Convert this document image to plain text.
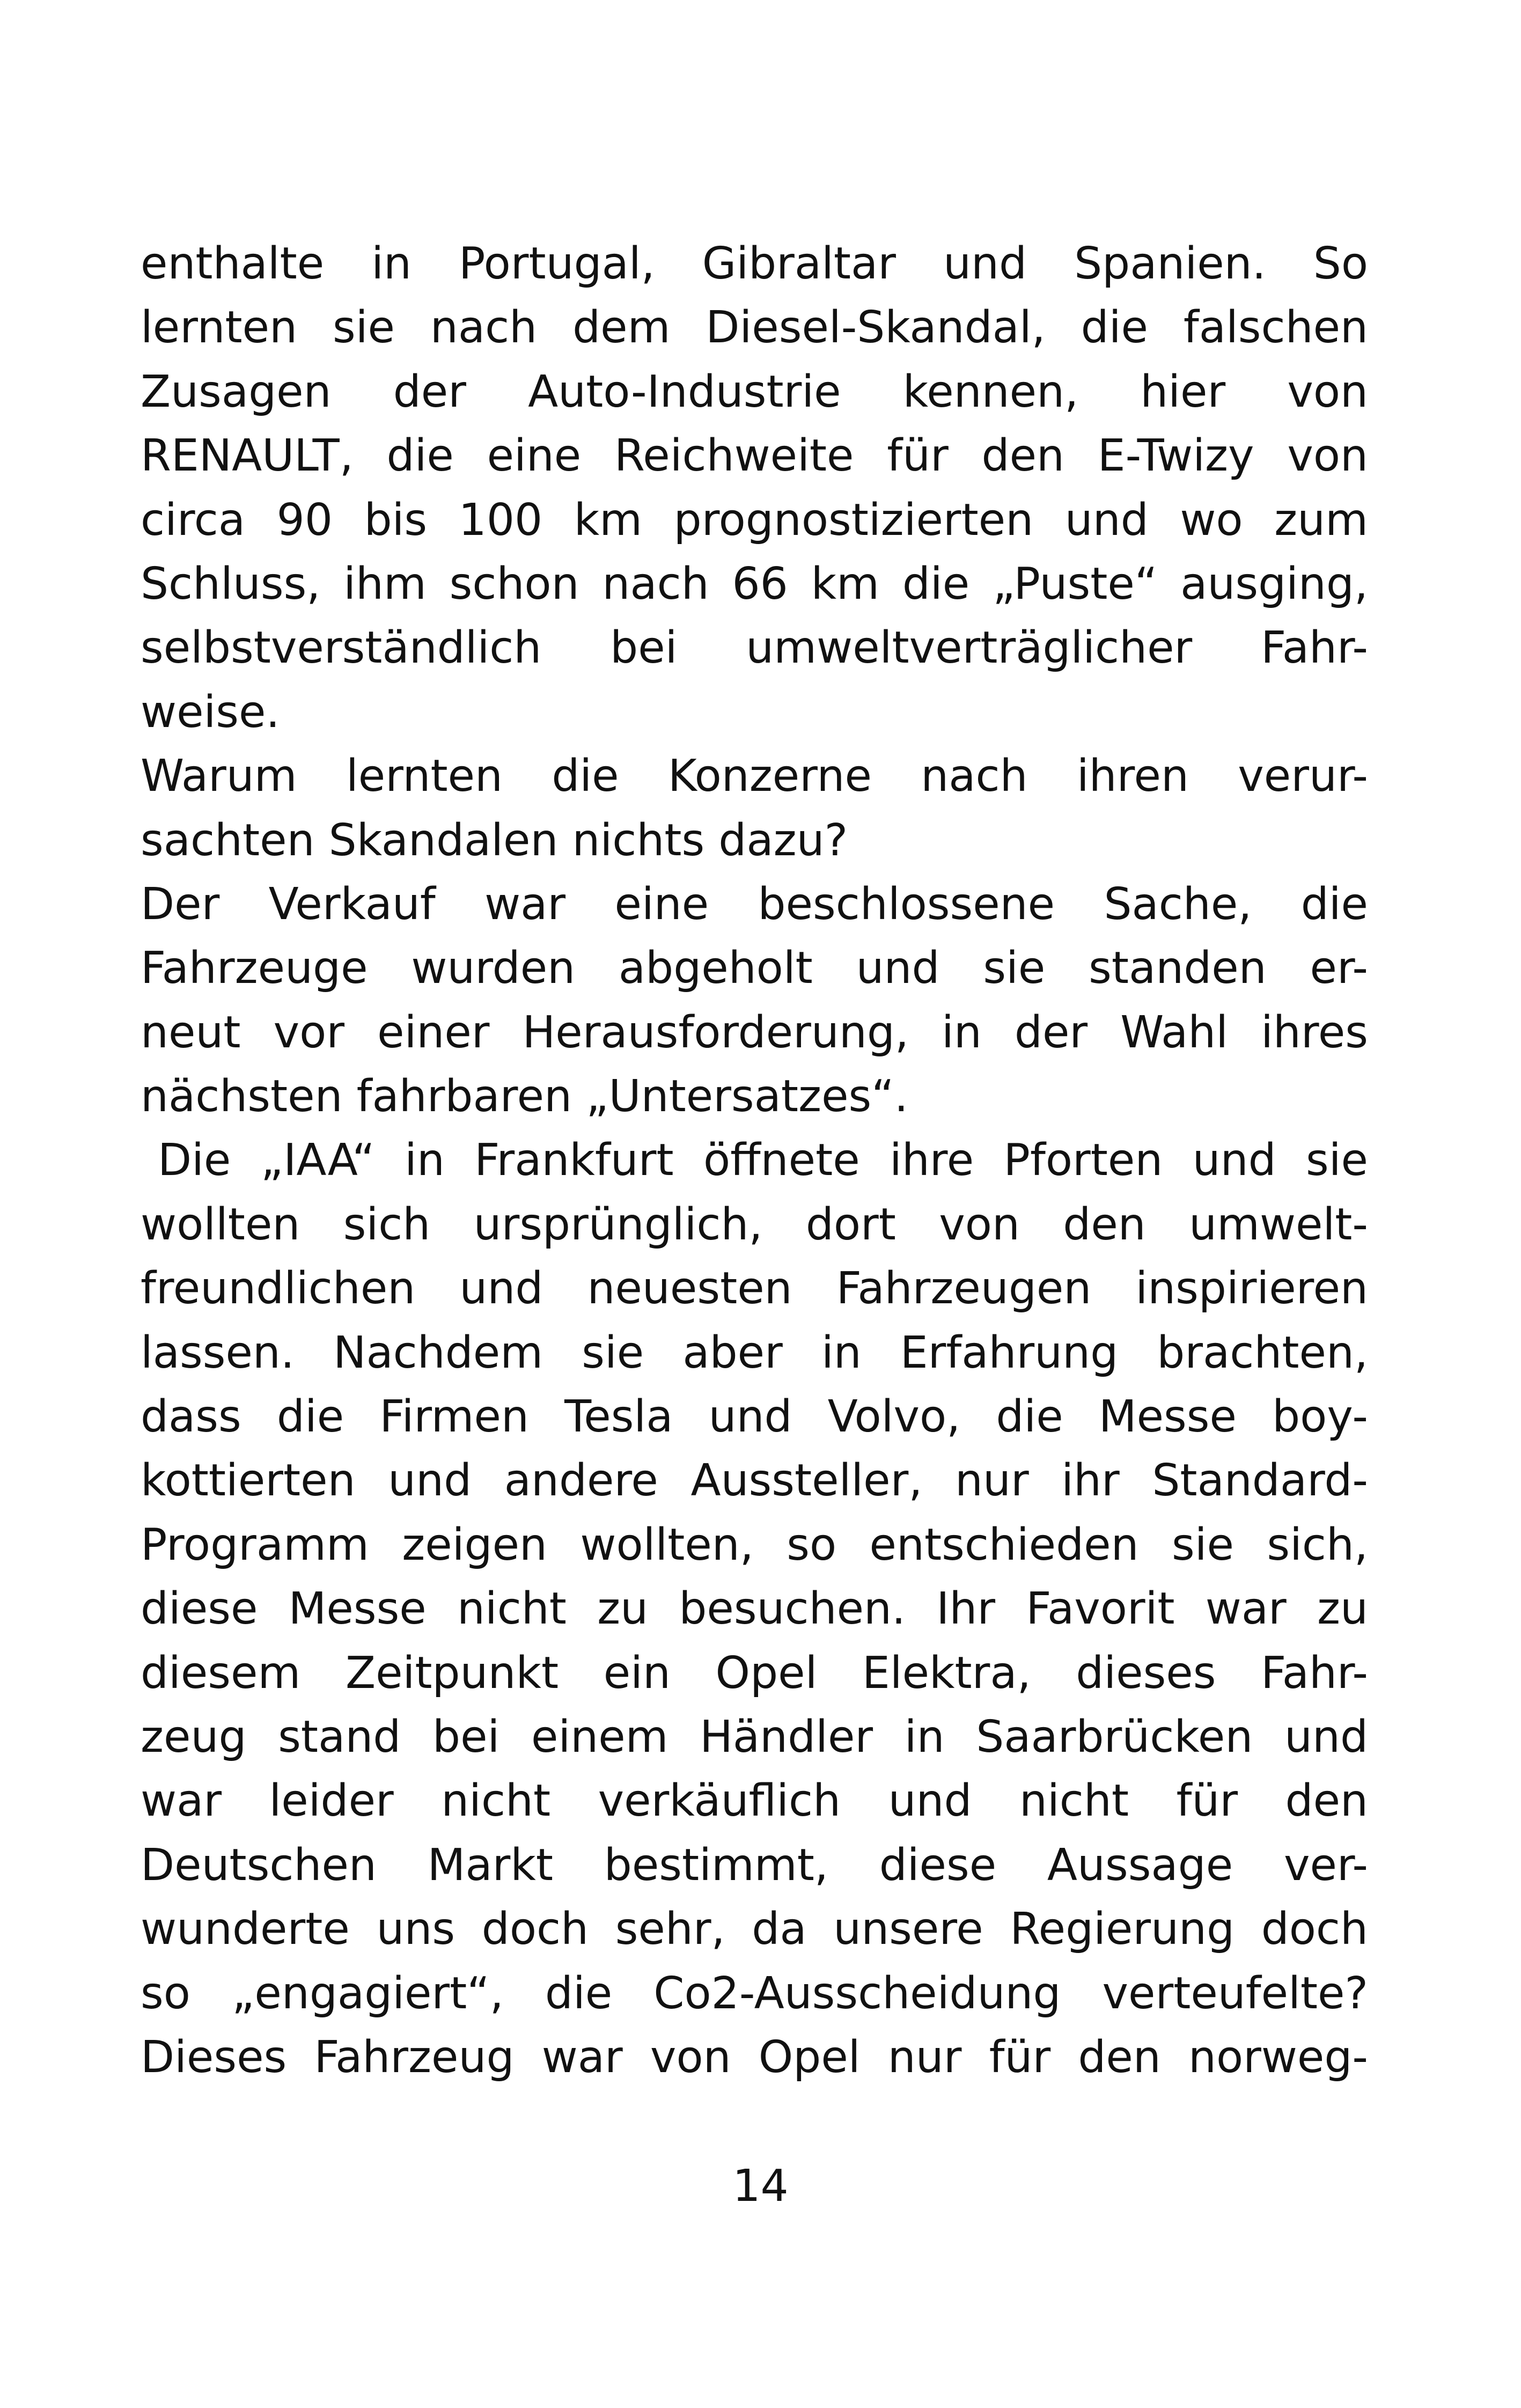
enthalte in Portugal, Gibraltar und Spanien. So
lernten sie nach dem Diesel-Skandal, die falschen
Zusagen der Auto-Industrie kennen, hier von
RENAULT, die eine Reichweite für den E-Twizy von
circa 90 bis 100 km prognostizierten und wo zum
Schluss, ihm schon nach 66 km die „Puste“ ausging,
selbstverständlich bei umweltverträglicher Fahr-
weise.
Warum lernten die Konzerne nach ihren verur-
sachten Skandalen nichts dazu?
Der Verkauf war eine beschlossene Sache, die
Fahrzeuge wurden abgeholt und sie standen er-
neut vor einer Herausforderung, in der Wahl ihres
nächsten fahrbaren „Untersatzes“.
Die „IAA“ in Frankfurt öffnete ihre Pforten und sie
wollten sich ursprünglich, dort von den umwelt-
freundlichen und neuesten Fahrzeugen inspirieren
lassen. Nachdem sie aber in Erfahrung brachten,
dass die Firmen Tesla und Volvo, die Messe boy-
kottierten und andere Aussteller, nur ihr Standard-
Programm zeigen wollten, so entschieden sie sich,
diese Messe nicht zu besuchen. Ihr Favorit war zu
diesem Zeitpunkt ein Opel Elektra, dieses Fahr-
zeug stand bei einem Händler in Saarbrücken und
war leider nicht verkäuflich und nicht für den
Deutschen Markt bestimmt, diese Aussage ver-
wunderte uns doch sehr, da unsere Regierung doch
so „engagiert“, die Co2-Ausscheidung verteufelte?
Dieses Fahrzeug war von Opel nur für den norweg-
14
